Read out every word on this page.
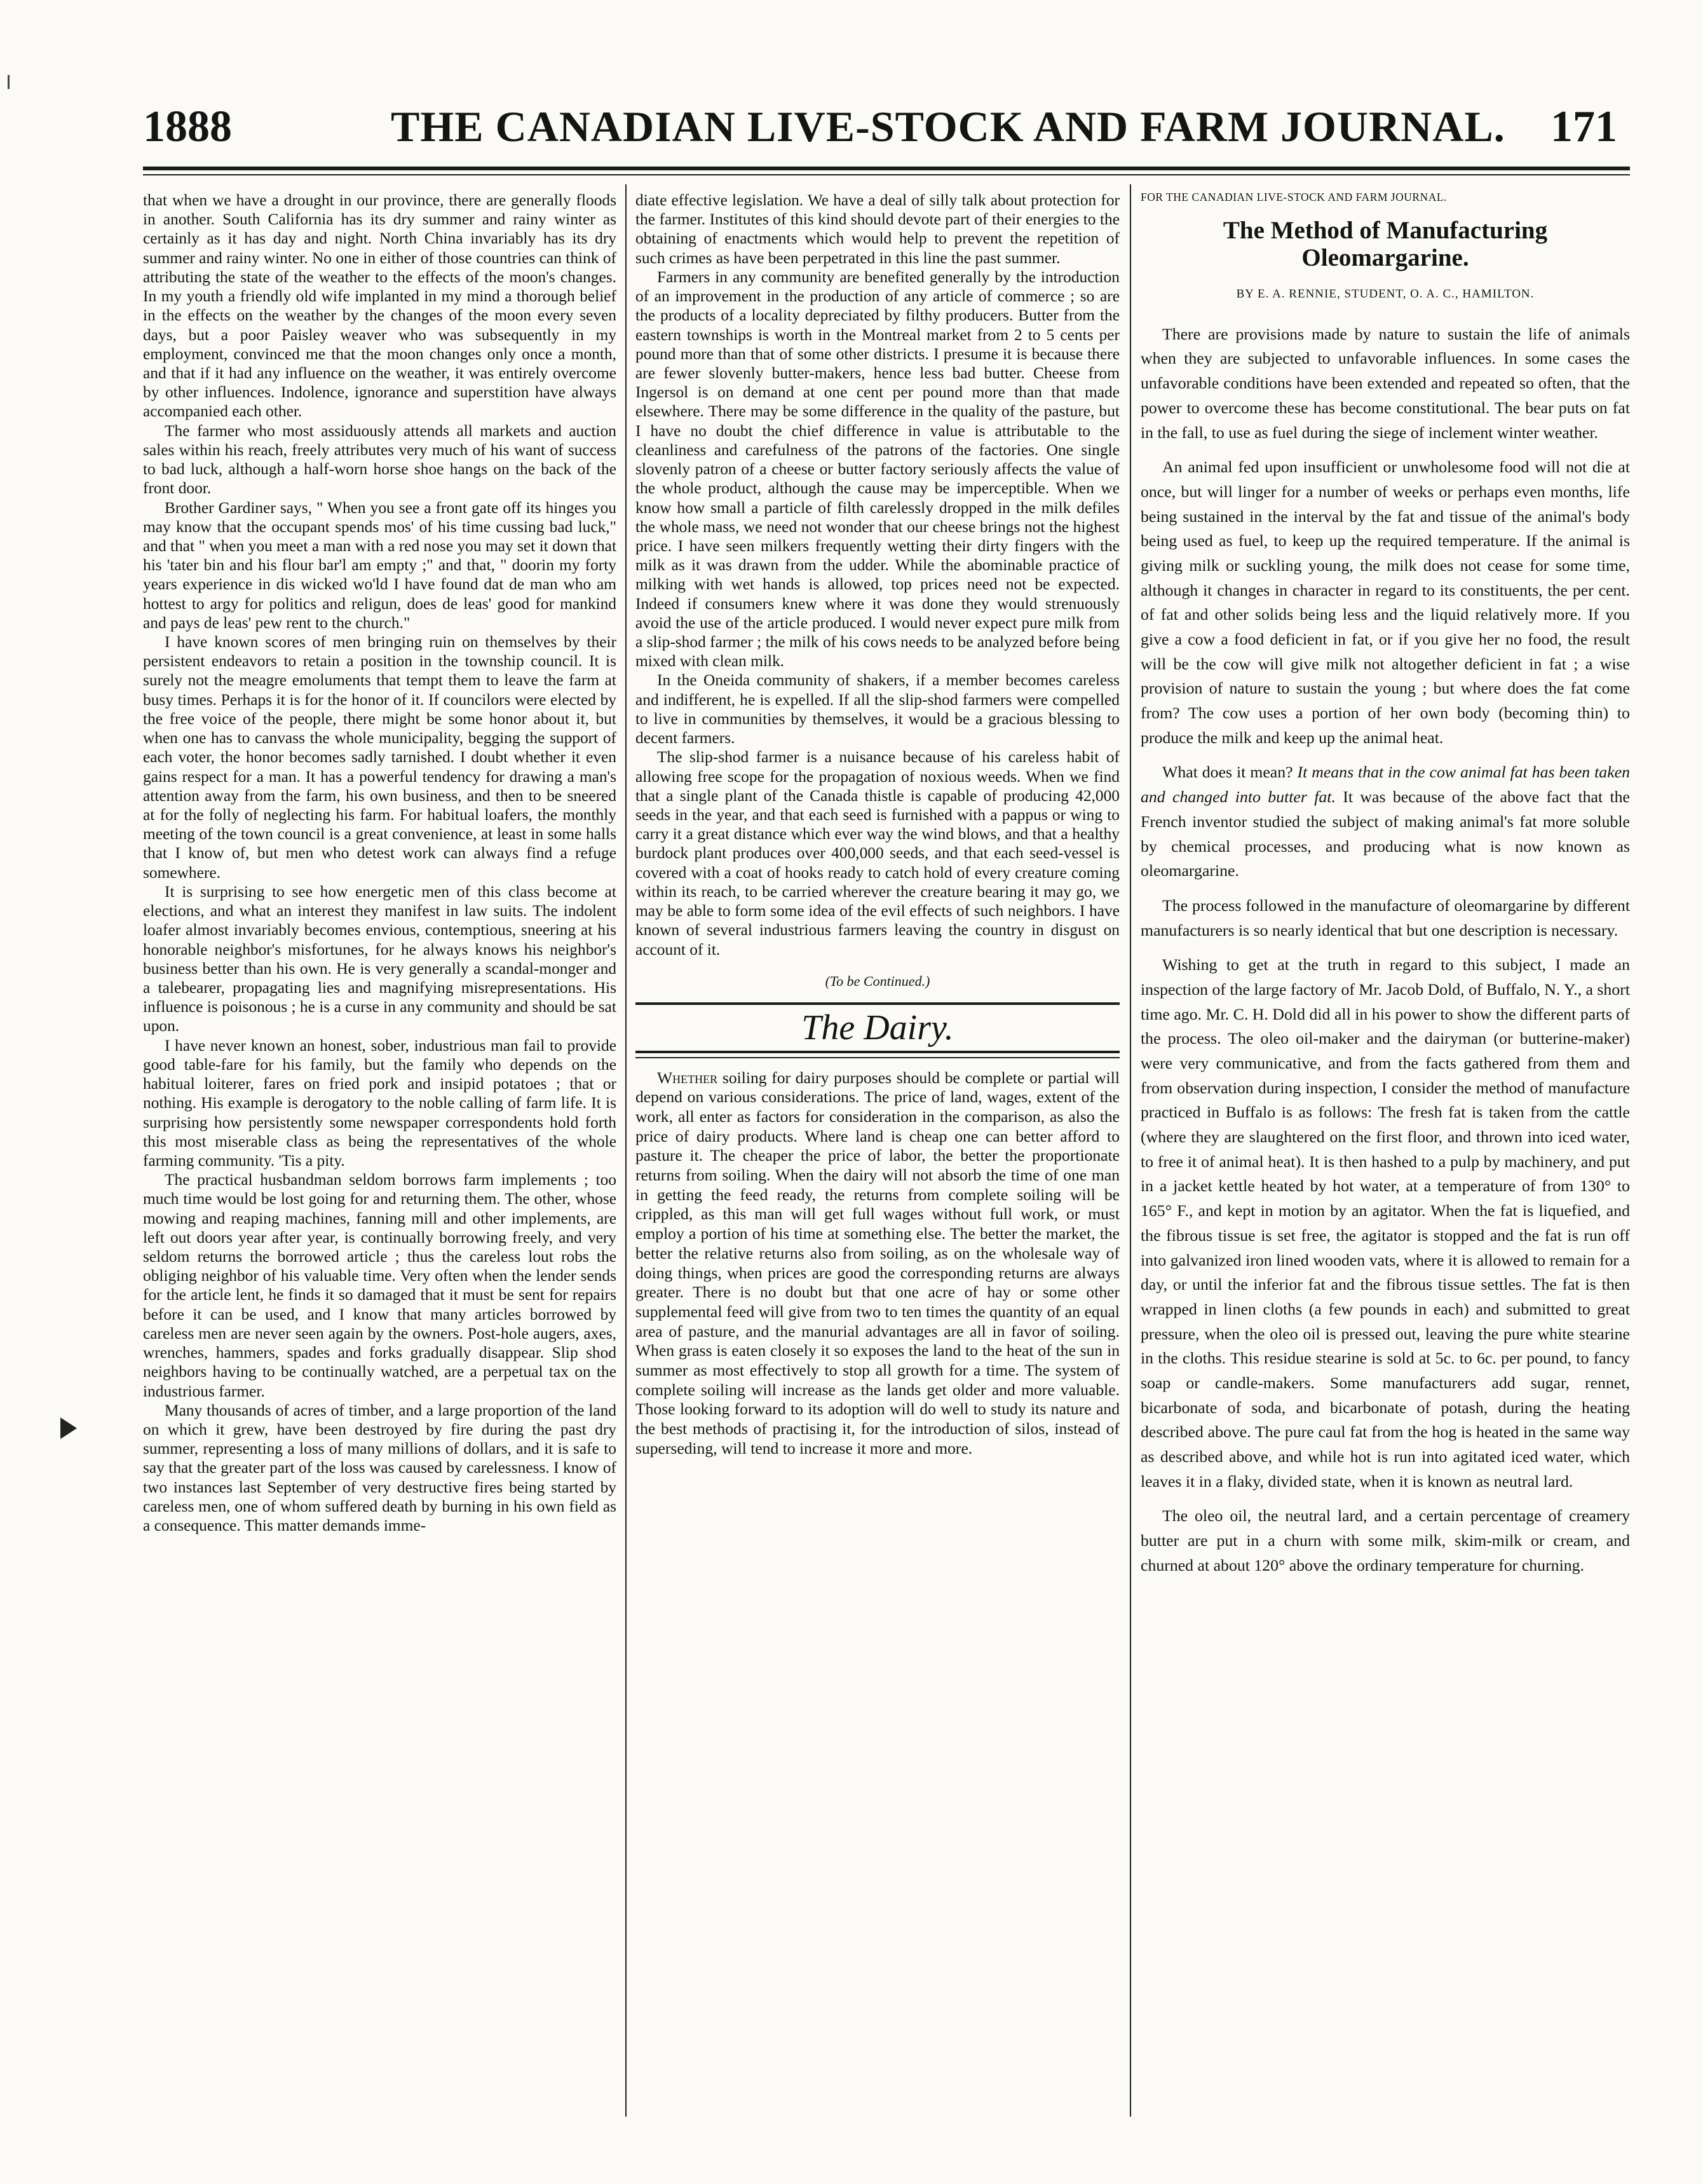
1888	THE CANADIAN LIVE-STOCK AND FARM JOURNAL. 171

that when we have a drought in our province, there are generally floods in another. South California has its dry summer and rainy winter as certainly as it has day and night. North China invariably has its dry summer and rainy winter. No one in either of those countries can think of attributing the state of the weather to the effects of the moon's changes. In my youth a friendly old wife implanted in my mind a thorough belief in the effects on the weather by the changes of the moon every seven days, but a poor Paisley weaver who was subsequently in my employment, convinced me that the moon changes only once a month, and that if it had any influence on the weather, it was entirely overcome by other influences. Indolence, ignorance and superstition have always accompanied each other.

The farmer who most assiduously attends all markets and auction sales within his reach, freely attributes very much of his want of success to bad luck, although a half-worn horse shoe hangs on the back of the front door.

Brother Gardiner says, " When you see a front gate off its hinges you may know that the occupant spends mos' of his time cussing bad luck," and that " when you meet a man with a red nose you may set it down that his 'tater bin and his flour bar'l am empty ;" and that, " doorin my forty years experience in dis wicked wo'ld I have found dat de man who am hottest to argy for politics and religun, does de leas' good for mankind and pays de leas' pew rent to the church."

I have known scores of men bringing ruin on themselves by their persistent endeavors to retain a position in the township council. It is surely not the meagre emoluments that tempt them to leave the farm at busy times. Perhaps it is for the honor of it. If councilors were elected by the free voice of the people, there might be some honor about it, but when one has to canvass the whole municipality, begging the support of each voter, the honor becomes sadly tarnished. I doubt whether it even gains respect for a man. It has a powerful tendency for drawing a man's attention away from the farm, his own business, and then to be sneered at for the folly of neglecting his farm. For habitual loafers, the monthly meeting of the town council is a great convenience, at least in some halls that I know of, but men who detest work can always find a refuge somewhere.

It is surprising to see how energetic men of this class become at elections, and what an interest they manifest in law suits. The indolent loafer almost invariably becomes envious, contemptious, sneering at his honorable neighbor's misfortunes, for he always knows his neighbor's business better than his own. He is very generally a scandal-monger and a talebearer, propagating lies and magnifying misrepresentations. His influence is poisonous ; he is a curse in any community and should be sat upon.

I have never known an honest, sober, industrious man fail to provide good table-fare for his family, but the family who depends on the habitual loiterer, fares on fried pork and insipid potatoes ; that or nothing. His example is derogatory to the noble calling of farm life. It is surprising how persistently some newspaper correspondents hold forth this most miserable class as being the representatives of the whole farming community. 'Tis a pity.

The practical husbandman seldom borrows farm implements ; too much time would be lost going for and returning them. The other, whose mowing and reaping machines, fanning mill and other implements, are left out doors year after year, is continually borrowing freely, and very seldom returns the borrowed article ; thus the careless lout robs the obliging neighbor of his valuable time. Very often when the lender sends for the article lent, he finds it so damaged that it must be sent for repairs before it can be used, and I know that many articles borrowed by careless men are never seen again by the owners. Post-hole augers, axes, wrenches, hammers, spades and forks gradually disappear. Slip shod neighbors having to be continually watched, are a perpetual tax on the industrious farmer.

Many thousands of acres of timber, and a large proportion of the land on which it grew, have been destroyed by fire during the past dry summer, representing a loss of many millions of dollars, and it is safe to say that the greater part of the loss was caused by carelessness. I know of two instances last September of very destructive fires being started by careless men, one of whom suffered death by burning in his own field as a consequence. This matter demands imme-

diate effective legislation. We have a deal of silly talk about protection for the farmer. Institutes of this kind should devote part of their energies to the obtaining of enactments which would help to prevent the repetition of such crimes as have been perpetrated in this line the past summer.

Farmers in any community are benefited generally by the introduction of an improvement in the production of any article of commerce ; so are the products of a locality depreciated by filthy producers. Butter from the eastern townships is worth in the Montreal market from 2 to 5 cents per pound more than that of some other districts. I presume it is because there are fewer slovenly butter-makers, hence less bad butter. Cheese from Ingersol is on demand at one cent per pound more than that made elsewhere. There may be some difference in the quality of the pasture, but I have no doubt the chief difference in value is attributable to the cleanliness and carefulness of the patrons of the factories. One single slovenly patron of a cheese or butter factory seriously affects the value of the whole product, although the cause may be imperceptible. When we know how small a particle of filth carelessly dropped in the milk defiles the whole mass, we need not wonder that our cheese brings not the highest price. I have seen milkers frequently wetting their dirty fingers with the milk as it was drawn from the udder. While the abominable practice of milking with wet hands is allowed, top prices need not be expected. Indeed if consumers knew where it was done they would strenuously avoid the use of the article produced. I would never expect pure milk from a slip-shod farmer ; the milk of his cows needs to be analyzed before being mixed with clean milk.

In the Oneida community of shakers, if a member becomes careless and indifferent, he is expelled. If all the slip-shod farmers were compelled to live in communities by themselves, it would be a gracious blessing to decent farmers.

The slip-shod farmer is a nuisance because of his careless habit of allowing free scope for the propagation of noxious weeds. When we find that a single plant of the Canada thistle is capable of producing 42,000 seeds in the year, and that each seed is furnished with a pappus or wing to carry it a great distance which ever way the wind blows, and that a healthy burdock plant produces over 400,000 seeds, and that each seed-vessel is covered with a coat of hooks ready to catch hold of every creature coming within its reach, to be carried wherever the creature bearing it may go, we may be able to form some idea of the evil effects of such neighbors. I have known of several industrious farmers leaving the country in disgust on account of it.

(To be Continued.)

The Dairy.

Whether soiling for dairy purposes should be complete or partial will depend on various considerations. The price of land, wages, extent of the work, all enter as factors for consideration in the comparison, as also the price of dairy products. Where land is cheap one can better afford to pasture it. The cheaper the price of labor, the better the proportionate returns from soiling. When the dairy will not absorb the time of one man in getting the feed ready, the returns from complete soiling will be crippled, as this man will get full wages without full work, or must employ a portion of his time at something else. The better the market, the better the relative returns also from soiling, as on the wholesale way of doing things, when prices are good the corresponding returns are always greater. There is no doubt but that one acre of hay or some other supplemental feed will give from two to ten times the quantity of an equal area of pasture, and the manurial advantages are all in favor of soiling. When grass is eaten closely it so exposes the land to the heat of the sun in summer as most effectively to stop all growth for a time. The system of complete soiling will increase as the lands get older and more valuable. Those looking forward to its adoption will do well to study its nature and the best methods of practising it, for the introduction of silos, instead of superseding, will tend to increase it more and more.

FOR THE CANADIAN LIVE-STOCK AND FARM JOURNAL.
The Method of Manufacturing Oleomargarine.
BY E. A. RENNIE, STUDENT, O. A. C., HAMILTON.

There are provisions made by nature to sustain the life of animals when they are subjected to unfavorable influences. In some cases the unfavorable conditions have been extended and repeated so often, that the power to overcome these has become constitutional. The bear puts on fat in the fall, to use as fuel during the siege of inclement winter weather.

An animal fed upon insufficient or unwholesome food will not die at once, but will linger for a number of weeks or perhaps even months, life being sustained in the interval by the fat and tissue of the animal's body being used as fuel, to keep up the required temperature. If the animal is giving milk or suckling young, the milk does not cease for some time, although it changes in character in regard to its constituents, the per cent. of fat and other solids being less and the liquid relatively more. If you give a cow a food deficient in fat, or if you give her no food, the result will be the cow will give milk not altogether deficient in fat ; a wise provision of nature to sustain the young ; but where does the fat come from? The cow uses a portion of her own body (becoming thin) to produce the milk and keep up the animal heat.

What does it mean? It means that in the cow animal fat has been taken and changed into butter fat. It was because of the above fact that the French inventor studied the subject of making animal's fat more soluble by chemical processes, and producing what is now known as oleomargarine.

The process followed in the manufacture of oleomargarine by different manufacturers is so nearly identical that but one description is necessary.

Wishing to get at the truth in regard to this subject, I made an inspection of the large factory of Mr. Jacob Dold, of Buffalo, N. Y., a short time ago. Mr. C. H. Dold did all in his power to show the different parts of the process. The oleo oil-maker and the dairyman (or butterine-maker) were very communicative, and from the facts gathered from them and from observation during inspection, I consider the method of manufacture practiced in Buffalo is as follows: The fresh fat is taken from the cattle (where they are slaughtered on the first floor, and thrown into iced water, to free it of animal heat). It is then hashed to a pulp by machinery, and put in a jacket kettle heated by hot water, at a temperature of from 130° to 165° F., and kept in motion by an agitator. When the fat is liquefied, and the fibrous tissue is set free, the agitator is stopped and the fat is run off into galvanized iron lined wooden vats, where it is allowed to remain for a day, or until the inferior fat and the fibrous tissue settles. The fat is then wrapped in linen cloths (a few pounds in each) and submitted to great pressure, when the oleo oil is pressed out, leaving the pure white stearine in the cloths. This residue stearine is sold at 5c. to 6c. per pound, to fancy soap or candle-makers. Some manufacturers add sugar, rennet, bicarbonate of soda, and bicarbonate of potash, during the heating described above. The pure caul fat from the hog is heated in the same way as described above, and while hot is run into agitated iced water, which leaves it in a flaky, divided state, when it is known as neutral lard.

The oleo oil, the neutral lard, and a certain percentage of creamery butter are put in a churn with some milk, skim-milk or cream, and churned at about 120° above the ordinary temperature for churning.
